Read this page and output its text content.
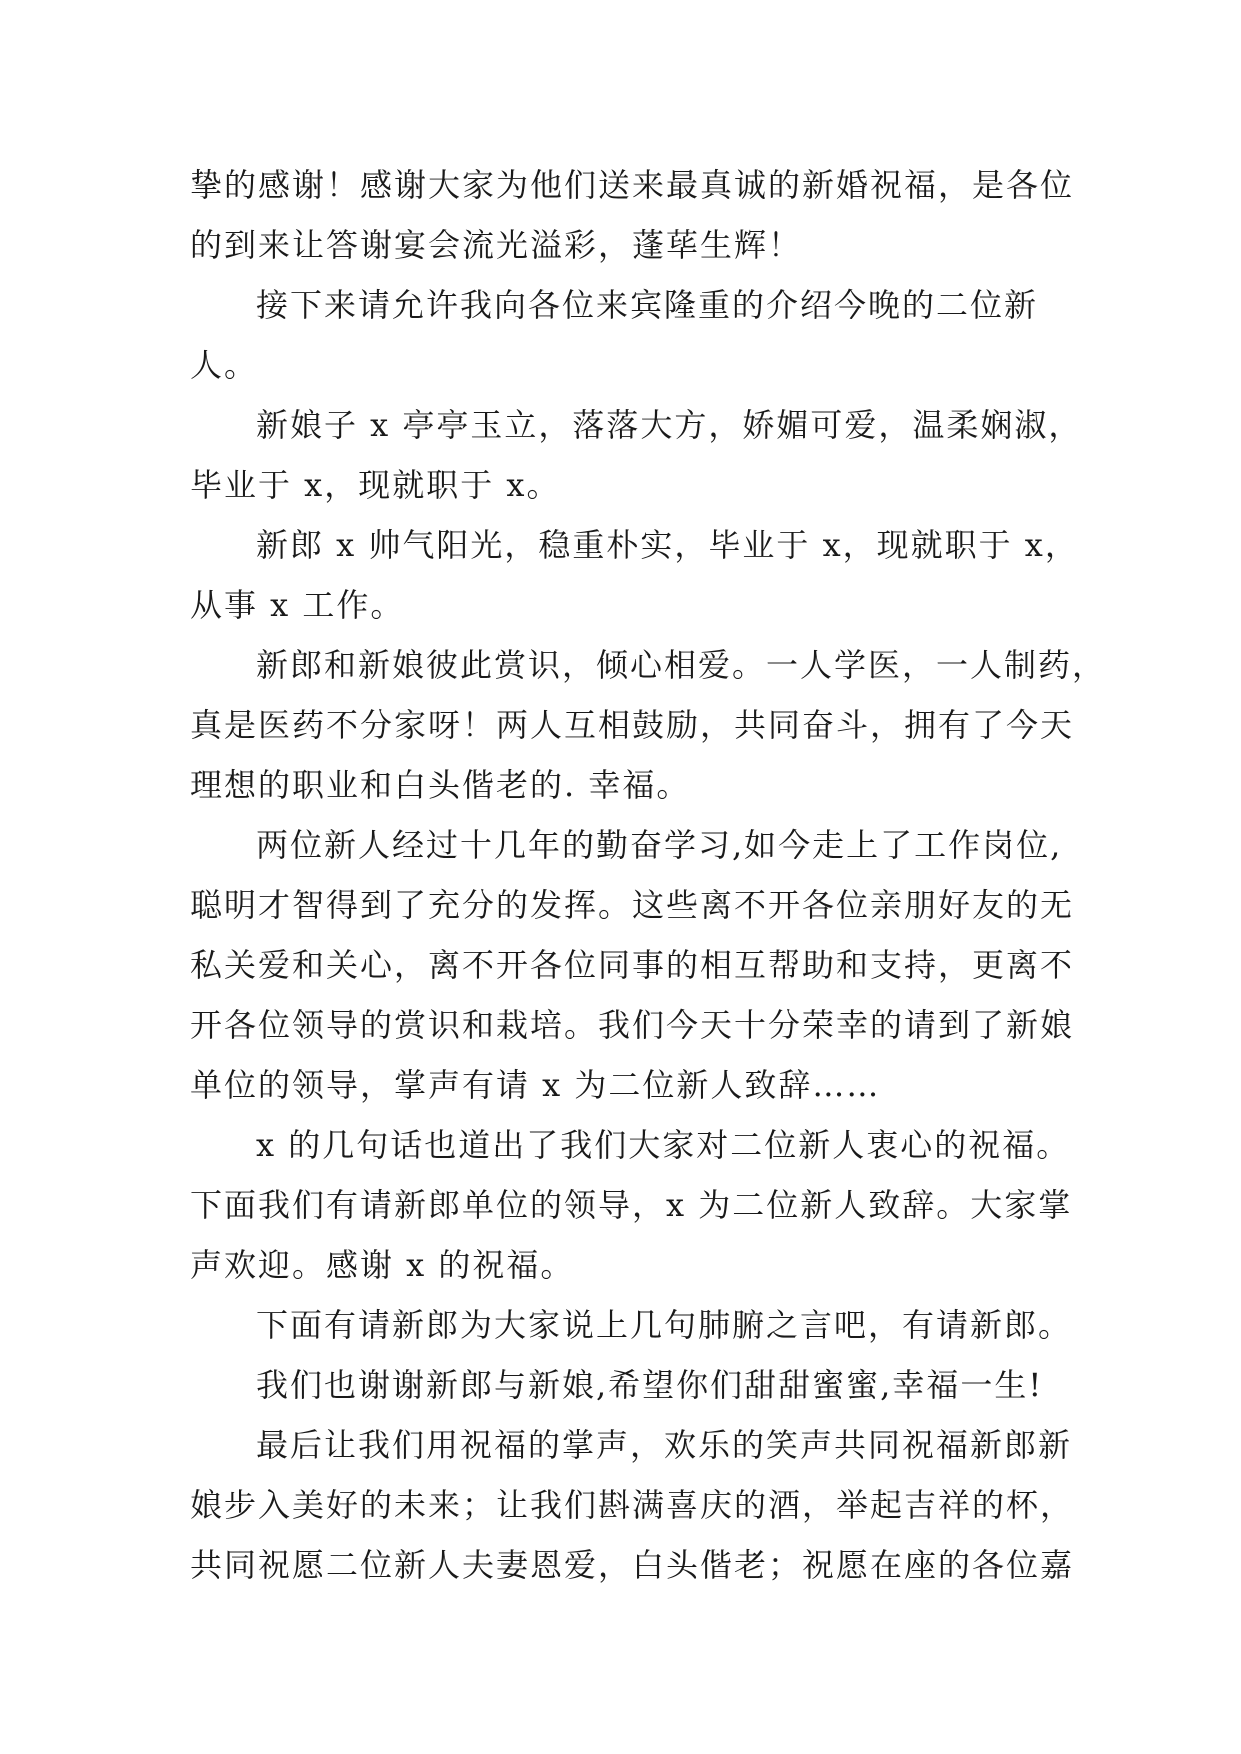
挚的感谢！感谢大家为他们送来最真诚的新婚祝福，是各位
的到来让答谢宴会流光溢彩，蓬荜生辉！
接下来请允许我向各位来宾隆重的介绍今晚的二位新
人。
新娘子 x 亭亭玉立，落落大方，娇媚可爱，温柔娴淑，
毕业于 x，现就职于 x。
新郎 x 帅气阳光，稳重朴实，毕业于 x，现就职于 x，
从事 x 工作。
新郎和新娘彼此赏识，倾心相爱。一人学医，一人制药，
真是医药不分家呀！两人互相鼓励，共同奋斗，拥有了今天
理想的职业和白头偕老的. 幸福。
两位新人经过十几年的勤奋学习,如今走上了工作岗位,
聪明才智得到了充分的发挥。这些离不开各位亲朋好友的无
私关爱和关心，离不开各位同事的相互帮助和支持，更离不
开各位领导的赏识和栽培。我们今天十分荣幸的请到了新娘
单位的领导，掌声有请 x 为二位新人致辞……
x 的几句话也道出了我们大家对二位新人衷心的祝福。
下面我们有请新郎单位的领导，x 为二位新人致辞。大家掌
声欢迎。感谢 x 的祝福。
下面有请新郎为大家说上几句肺腑之言吧，有请新郎。
我们也谢谢新郎与新娘,希望你们甜甜蜜蜜,幸福一生!
最后让我们用祝福的掌声，欢乐的笑声共同祝福新郎新
娘步入美好的未来；让我们斟满喜庆的酒，举起吉祥的杯，
共同祝愿二位新人夫妻恩爱，白头偕老；祝愿在座的各位嘉
